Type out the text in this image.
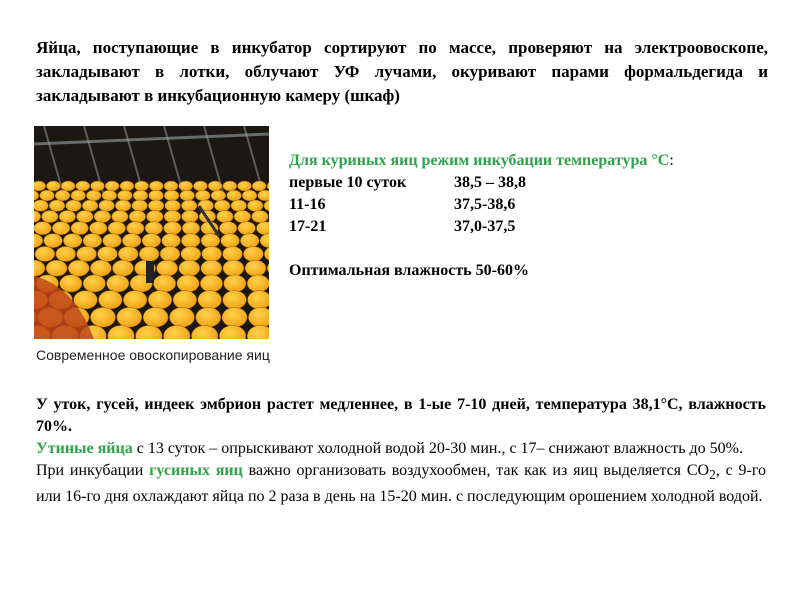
Яйца, поступающие в инкубатор сортируют по массе, проверяют на электроовоскопе, закладывают в лотки, облучают УФ лучами, окуривают парами формальдегида и закладывают в инкубационную камеру (шкаф)

Для куриных яиц режим инкубации температура °С:
первые 10 суток	38,5 – 38,8
11-16	37,5-38,6
17-21	37,0-37,5
Оптимальная влажность 50-60%
Современное овоскопирование яиц

У уток, гусей, индеек эмбрион растет медленнее, в 1-ые 7-10 дней, температура 38,1°С, влажность 70%.

Утиные яйца с 13 суток – опрыскивают холодной водой 20-30 мин., с 17– снижают влажность до 50%.

При инкубации гусиных яиц важно организовать воздухообмен, так как из яиц выделяется $СО_2$, с 9-го или 16-го дня охлаждают яйца по 2 раза в день на 15-20 мин. с последующим орошением холодной водой.
